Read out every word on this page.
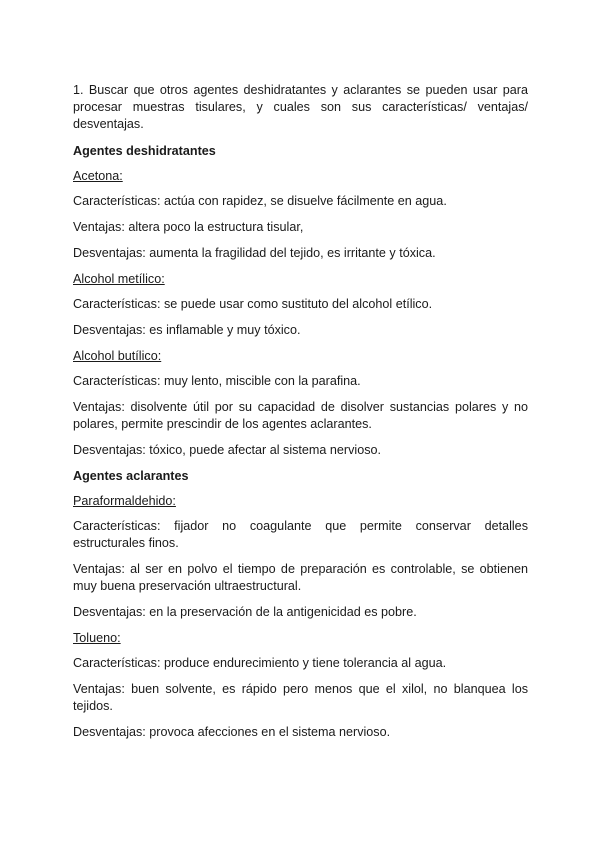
1. Buscar que otros agentes deshidratantes y aclarantes se pueden usar para procesar muestras tisulares, y cuales son sus características/ ventajas/ desventajas.

Agentes deshidratantes

Acetona:

Características: actúa con rapidez, se disuelve fácilmente en agua.

Ventajas: altera poco la estructura tisular,

Desventajas: aumenta la fragilidad del tejido, es irritante y tóxica.

Alcohol metílico:

Características: se puede usar como sustituto del alcohol etílico.

Desventajas: es inflamable y muy tóxico.

Alcohol butílico:

Características: muy lento, miscible con la parafina.

Ventajas: disolvente útil por su capacidad de disolver sustancias polares y no polares, permite prescindir de los agentes aclarantes.

Desventajas: tóxico, puede afectar al sistema nervioso.

Agentes aclarantes

Paraformaldehido:

Características: fijador no coagulante que permite conservar detalles estructurales finos.

Ventajas: al ser en polvo el tiempo de preparación es controlable, se obtienen muy buena preservación ultraestructural.

Desventajas: en la preservación de la antigenicidad es pobre.

Tolueno:

Características: produce endurecimiento y tiene tolerancia al agua.

Ventajas: buen solvente, es rápido pero menos que el xilol, no blanquea los tejidos.

Desventajas: provoca afecciones en el sistema nervioso.
